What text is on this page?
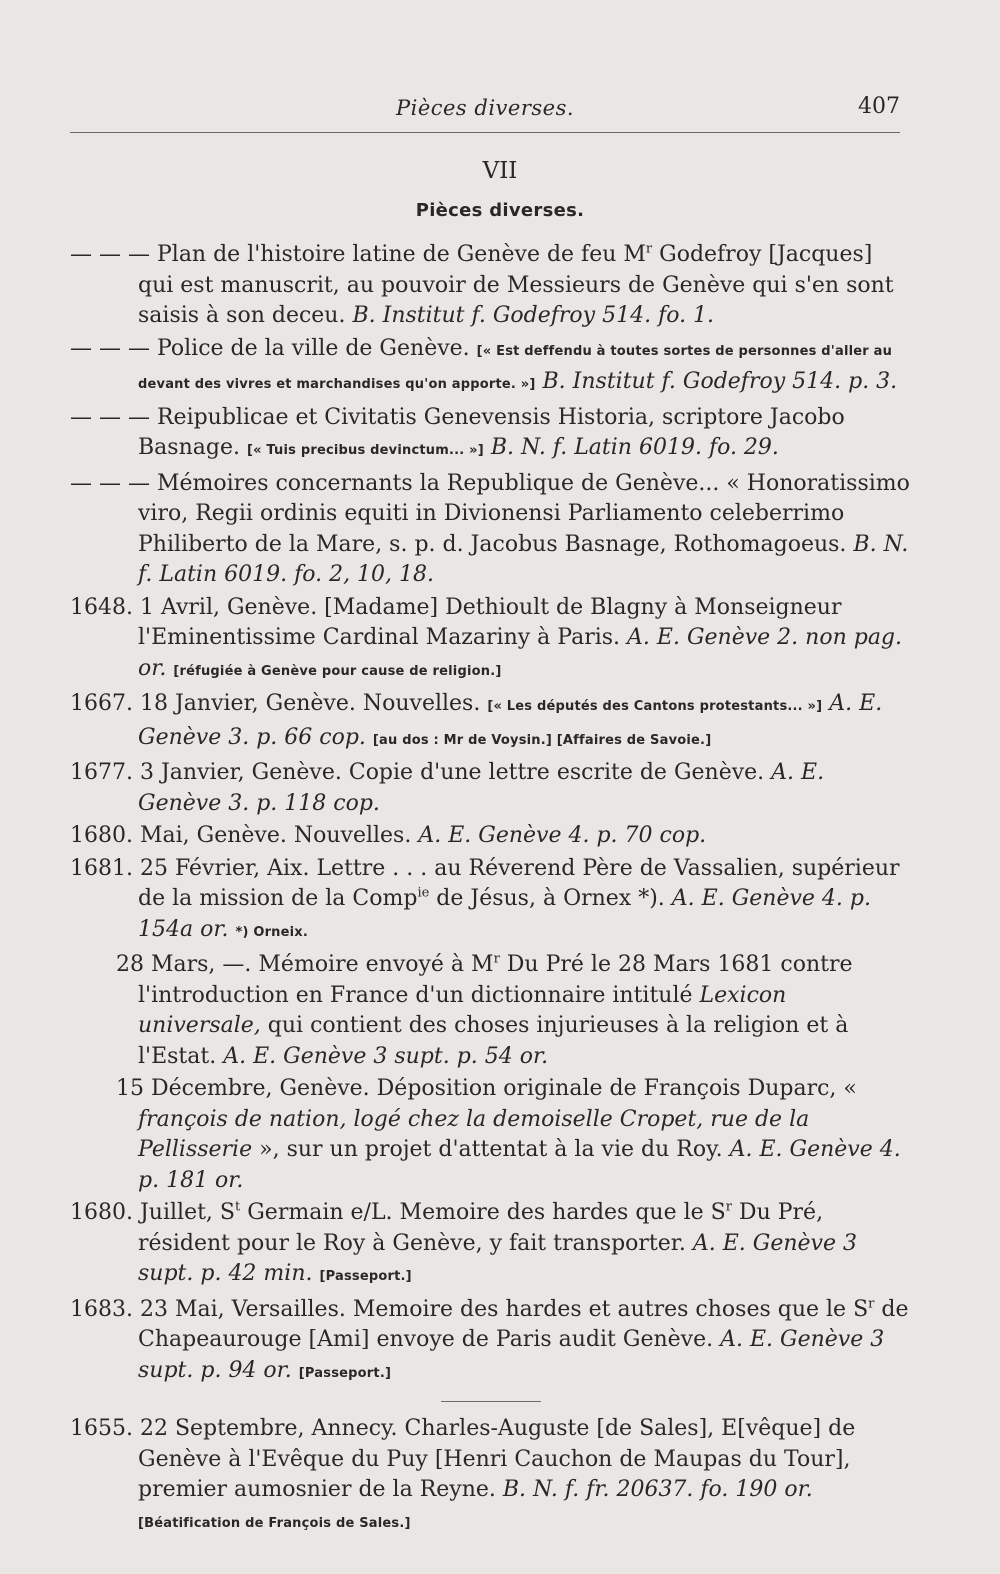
Pièces diverses.	407
VII
Pièces diverses.

— — — Plan de l'histoire latine de Genève de feu $M^r$ Godefroy [Jacques] qui est manuscrit, au pouvoir de Messieurs de Genève qui s'en sont saisis à son deceu. B. Institut f. Godefroy 514. fo. 1.

— — — Police de la ville de Genève. [« Est deffendu à toutes sortes de personnes d'aller au devant des vivres et marchandises qu'on apporte. »] B. Institut f. Godefroy 514. p. 3.

— — — Reipublicae et Civitatis Genevensis Historia, scriptore Jacobo Basnage. [« Tuis precibus devinctum... »] B. N. f. Latin 6019. fo. 29.

— — — Mémoires concernants la Republique de Genève... « Honoratissimo viro, Regii ordinis equiti in Divionensi Parliamento celeberrimo Philiberto de la Mare, s. p. d. Jacobus Basnage, Rothomagoeus. B. N. f. Latin 6019. fo. 2, 10, 18.

1648. 1 Avril, Genève. [Madame] Dethioult de Blagny à Monseigneur l'Eminentissime Cardinal Mazariny à Paris. A. E. Genève 2. non pag. or. [réfugiée à Genève pour cause de religion.]

1667. 18 Janvier, Genève. Nouvelles. [« Les députés des Cantons protestants... »] A. E. Genève 3. p. 66 cop. [au dos : Mr de Voysin.] [Affaires de Savoie.]

1677. 3 Janvier, Genève. Copie d'une lettre escrite de Genève. A. E. Genève 3. p. 118 cop.

1680. Mai, Genève. Nouvelles. A. E. Genève 4. p. 70 cop.

1681. 25 Février, Aix. Lettre . . . au Réverend Père de Vassalien, supérieur de la mission de la Comp$^{ie}$ de Jésus, à Ornex *). A. E. Genève 4. p. 154a or. *) Orneix.

28 Mars, —. Mémoire envoyé à $M^r$ Du Pré le 28 Mars 1681 contre l'introduction en France d'un dictionnaire intitulé Lexicon universale, qui contient des choses injurieuses à la religion et à l'Estat. A. E. Genève 3 supt. p. 54 or.

15 Décembre, Genève. Déposition originale de François Duparc, « françois de nation, logé chez la demoiselle Cropet, rue de la Pellisserie », sur un projet d'attentat à la vie du Roy. A. E. Genève 4. p. 181 or.

1680. Juillet, $S^t$ Germain e/L. Memoire des hardes que le $S^r$ Du Pré, résident pour le Roy à Genève, y fait transporter. A. E. Genève 3 supt. p. 42 min. [Passeport.]

1683. 23 Mai, Versailles. Memoire des hardes et autres choses que le $S^r$ de Chapeaurouge [Ami] envoye de Paris audit Genève. A. E. Genève 3 supt. p. 94 or. [Passeport.]

1655. 22 Septembre, Annecy. Charles-Auguste [de Sales], E[vêque] de Genève à l'Evêque du Puy [Henri Cauchon de Maupas du Tour], premier aumosnier de la Reyne. B. N. f. fr. 20637. fo. 190 or. [Béatification de François de Sales.]
